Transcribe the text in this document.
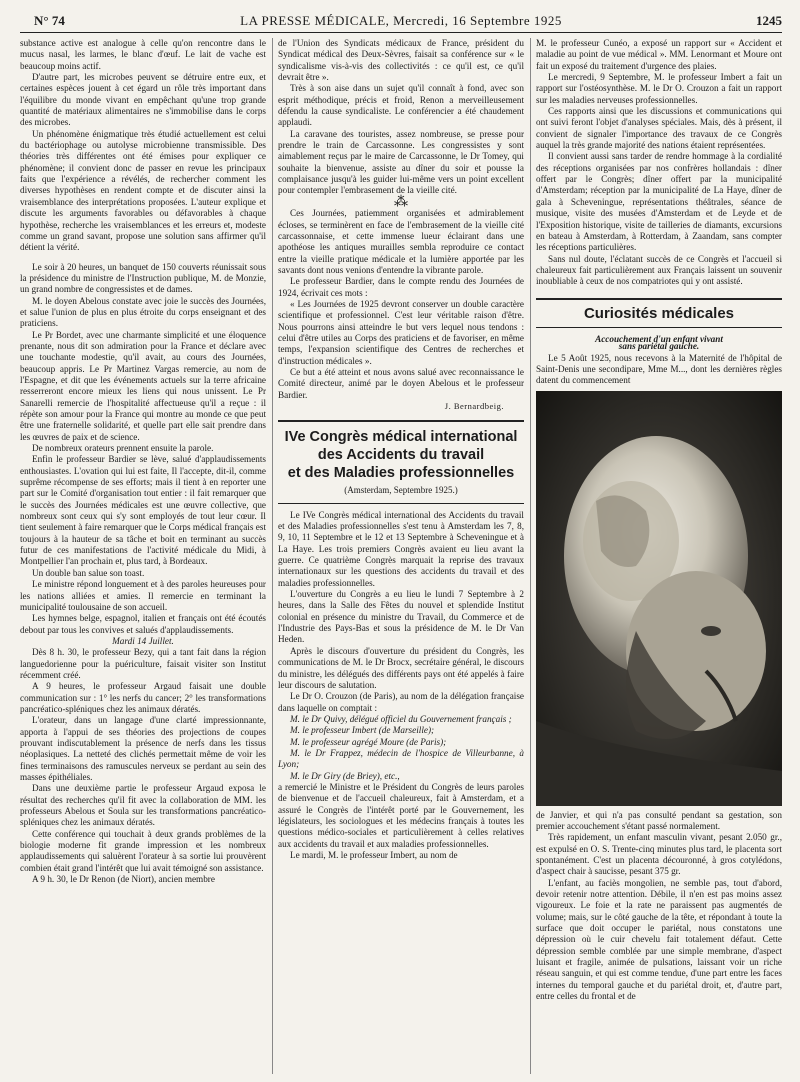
N° 74	LA PRESSE MÉDICALE, Mercredi, 16 Septembre 1925	1245

substance active est analogue à celle qu'on rencontre dans le mucus nasal, les larmes, le blanc d'œuf. Le lait de vache est beaucoup moins actif.

D'autre part, les microbes peuvent se détruire entre eux, et certaines espèces jouent à cet égard un rôle très important dans l'équilibre du monde vivant en empêchant qu'une trop grande quantité de matériaux alimentaires ne s'immobilise dans le corps des microbes.

Un phénomène énigmatique très étudié actuellement est celui du bactériophage ou autolyse microbienne transmissible. Des théories très différentes ont été émises pour expliquer ce phénomène; il convient donc de passer en revue les principaux faits que l'expérience a révélés, de rechercher comment les diverses hypothèses en rendent compte et de discuter ainsi la vraisemblance des interprétations proposées. L'auteur explique et discute les arguments favorables ou défavorables à chaque hypothèse, recherche les vraisemblances et les erreurs et, modeste comme un grand savant, propose une solution sans affirmer qu'il détient la vérité.

Le soir à 20 heures, un banquet de 150 couverts réunissait sous la présidence du ministre de l'Instruction publique, M. de Monzie, un grand nombre de congressistes et de dames.

M. le doyen Abelous constate avec joie le succès des Journées, et salue l'union de plus en plus étroite du corps enseignant et des praticiens.

Le Pr Bordet, avec une charmante simplicité et une éloquence prenante, nous dit son admiration pour la France et déclare avec une touchante modestie, qu'il avait, au cours des Journées, beaucoup appris. Le Pr Martinez Vargas remercie, au nom de l'Espagne, et dit que les événements actuels sur la terre africaine resserreront encore mieux les liens qui nous unissent. Le Pr Sanarelli remercie de l'hospitalité affectueuse qu'il a reçue : il répète son amour pour la France qui montre au monde ce que peut être une fraternelle solidarité, et quelle part elle sait prendre dans les œuvres de paix et de science.

De nombreux orateurs prennent ensuite la parole.

Enfin le professeur Bardier se lève, salué d'applaudissements enthousiastes. L'ovation qui lui est faite, Il l'accepte, dit-il, comme suprême récompense de ses efforts; mais il tient à en reporter une part sur le Comité d'organisation tout entier : il fait remarquer que le succès des Journées médicales est une œuvre collective, que nombreux sont ceux qui s'y sont employés de tout leur cœur. Il tient seulement à faire remarquer que le Corps médical français est toujours à la hauteur de sa tâche et boit en terminant au succès futur de ces manifestations de l'activité médicale du Midi, à Montpellier l'an prochain et, plus tard, à Bordeaux.

Un double ban salue son toast.

Le ministre répond longuement et à des paroles heureuses pour les nations alliées et amies. Il remercie en terminant la municipalité toulousaine de son accueil.

Les hymnes belge, espagnol, italien et français ont été écoutés debout par tous les convives et salués d'applaudissements.

Mardi 14 Juillet.

Dès 8 h. 30, le professeur Bezy, qui a tant fait dans la région languedorienne pour la puériculture, faisait visiter son Institut récemment créé.

A 9 heures, le professeur Argaud faisait une double communication sur : 1° les nerfs du cancer; 2° les transformations pancréatico-spléniques chez les animaux dératés.

L'orateur, dans un langage d'une clarté impressionnante, apporta à l'appui de ses théories des projections de coupes prouvant indiscutablement la présence de nerfs dans les tissus néoplasiques. La netteté des clichés permettait même de voir les fines terminaisons des ramuscules nerveux se perdant au sein des masses épithéliales.

Dans une deuxième partie le professeur Argaud exposa le résultat des recherches qu'il fit avec la collaboration de MM. les professeurs Abelous et Soula sur les transformations pancréatico-spléniques chez les animaux dératés.

Cette conférence qui touchait à deux grands problèmes de la biologie moderne fit grande impression et les nombreux applaudissements qui saluèrent l'orateur à sa sortie lui prouvèrent combien était grand l'intérêt que lui avait témoigné son assistance.

A 9 h. 30, le Dr Renon (de Niort), ancien membre

de l'Union des Syndicats médicaux de France, président du Syndicat médical des Deux-Sèvres, faisait sa conférence sur « le syndicalisme vis-à-vis des collectivités : ce qu'il est, ce qu'il devrait être ».

Très à son aise dans un sujet qu'il connaît à fond, avec son esprit méthodique, précis et froid, Renon a merveilleusement défendu la cause syndicaliste. Le conférencier a été chaudement applaudi.

La caravane des touristes, assez nombreuse, se presse pour prendre le train de Carcassonne. Les congressistes y sont aimablement reçus par le maire de Carcassonne, le Dr Tomey, qui souhaite la bienvenue, assiste au dîner du soir et pousse la complaisance jusqu'à les guider lui-même vers un point excellent pour contempler l'embrasement de la vieille cité.

⁂

Ces Journées, patiemment organisées et admirablement écloses, se terminèrent en face de l'embrasement de la vieille cité carcassonnaise, et cette immense lueur éclairant dans une apothéose les antiques murailles sembla reproduire ce contact entre la vieille pratique médicale et la lumière apportée par les savants dont nous venions d'entendre la vibrante parole.

Le professeur Bardier, dans le compte rendu des Journées de 1924, écrivait ces mots :

« Les Journées de 1925 devront conserver un double caractère scientifique et professionnel. C'est leur véritable raison d'être. Nous pourrons ainsi atteindre le but vers lequel nous tendons : celui d'être utiles au Corps des praticiens et de favoriser, en même temps, l'expansion scientifique des Centres de recherches et d'instruction médicales ».

Ce but a été atteint et nous avons salué avec reconnaissance le Comité directeur, animé par le doyen Abelous et le professeur Bardier.

J. Bernardbeig.

IVe Congrès médical international
des Accidents du travail
et des Maladies professionnelles
(Amsterdam, Septembre 1925.)

Le IVe Congrès médical international des Accidents du travail et des Maladies professionnelles s'est tenu à Amsterdam les 7, 8, 9, 10, 11 Septembre et le 12 et 13 Septembre à Scheveningue et à La Haye. Les trois premiers Congrès avaient eu lieu avant la guerre. Ce quatrième Congrès marquait la reprise des travaux internationaux sur les questions des accidents du travail et des maladies professionnelles.

L'ouverture du Congrès a eu lieu le lundi 7 Septembre à 2 heures, dans la Salle des Fêtes du nouvel et splendide Institut colonial en présence du ministre du Travail, du Commerce et de l'Industrie des Pays-Bas et sous la présidence de M. le Dr Van Heden.

Après le discours d'ouverture du président du Congrès, les communications de M. le Dr Brocx, secrétaire général, le discours du ministre, les délégués des différents pays ont été appelés à faire leur discours de salutation.

Le Dr O. Crouzon (de Paris), au nom de la délégation française dans laquelle on comptait :

M. le Dr Quivy, délégué officiel du Gouvernement français ;

M. le professeur Imbert (de Marseille);

M. le professeur agrégé Moure (de Paris);

M. le Dr Frappez, médecin de l'hospice de Villeurbanne, à Lyon;

M. le Dr Giry (de Briey), etc.,

a remercié le Ministre et le Président du Congrès de leurs paroles de bienvenue et de l'accueil chaleureux, fait à Amsterdam, et a assuré le Congrès de l'intérêt porté par le Gouvernement, les législateurs, les sociologues et les médecins français à toutes les questions médico-sociales et particulièrement à celles relatives aux accidents du travail et aux maladies professionnelles.

Le mardi, M. le professeur Imbert, au nom de

M. le professeur Cunéo, a exposé un rapport sur « Accident et maladie au point de vue médical ». MM. Lenormant et Moure ont fait un exposé du traitement d'urgence des plaies.

Le mercredi, 9 Septembre, M. le professeur Imbert a fait un rapport sur l'ostéosynthèse. M. le Dr O. Crouzon a fait un rapport sur les maladies nerveuses professionnelles.

Ces rapports ainsi que les discussions et communications qui ont suivi feront l'objet d'analyses spéciales. Mais, dès à présent, il convient de signaler l'importance des travaux de ce Congrès auquel la très grande majorité des nations étaient représentées.

Il convient aussi sans tarder de rendre hommage à la cordialité des réceptions organisées par nos confrères hollandais : dîner offert par le Congrès; dîner offert par la municipalité d'Amsterdam; réception par la municipalité de La Haye, dîner de gala à Scheveningue, représentations théâtrales, séance de musique, visite des musées d'Amsterdam et de Leyde et de l'Exposition historique, visite de tailleries de diamants, excursions en bateau à Amsterdam, à Rotterdam, à Zaandam, sans compter les réceptions particulières.

Sans nul doute, l'éclatant succès de ce Congrès et l'accueil si chaleureux fait particulièrement aux Français laissent un souvenir inoubliable à ceux de nos compatriotes qui y ont assisté.

Curiosités médicales

Accouchement d'un enfant vivant

sans pariétal gauche.

Le 5 Août 1925, nous recevons à la Maternité de l'hôpital de Saint-Denis une secondipare, Mme M..., dont les dernières règles datent du commencement

de Janvier, et qui n'a pas consulté pendant sa gestation, son premier accouchement s'étant passé normalement.

Très rapidement, un enfant masculin vivant, pesant 2.050 gr., est expulsé en O. S. Trente-cinq minutes plus tard, le placenta sort spontanément. C'est un placenta découronné, à gros cotylédons, d'aspect chair à saucisse, pesant 375 gr.

L'enfant, au faciès mongolien, ne semble pas, tout d'abord, devoir retenir notre attention. Débile, il n'en est pas moins assez vigoureux. Le foie et la rate ne paraissent pas augmentés de volume; mais, sur le côté gauche de la tête, et répondant à toute la surface que doit occuper le pariétal, nous constatons une dépression où le cuir chevelu fait totalement défaut. Cette dépression semble comblée par une simple membrane, d'aspect luisant et fragile, animée de pulsations, laissant voir un riche réseau sanguin, et qui est comme tendue, d'une part entre les faces internes du temporal gauche et du pariétal droit, et, d'autre part, entre celles du frontal et de
